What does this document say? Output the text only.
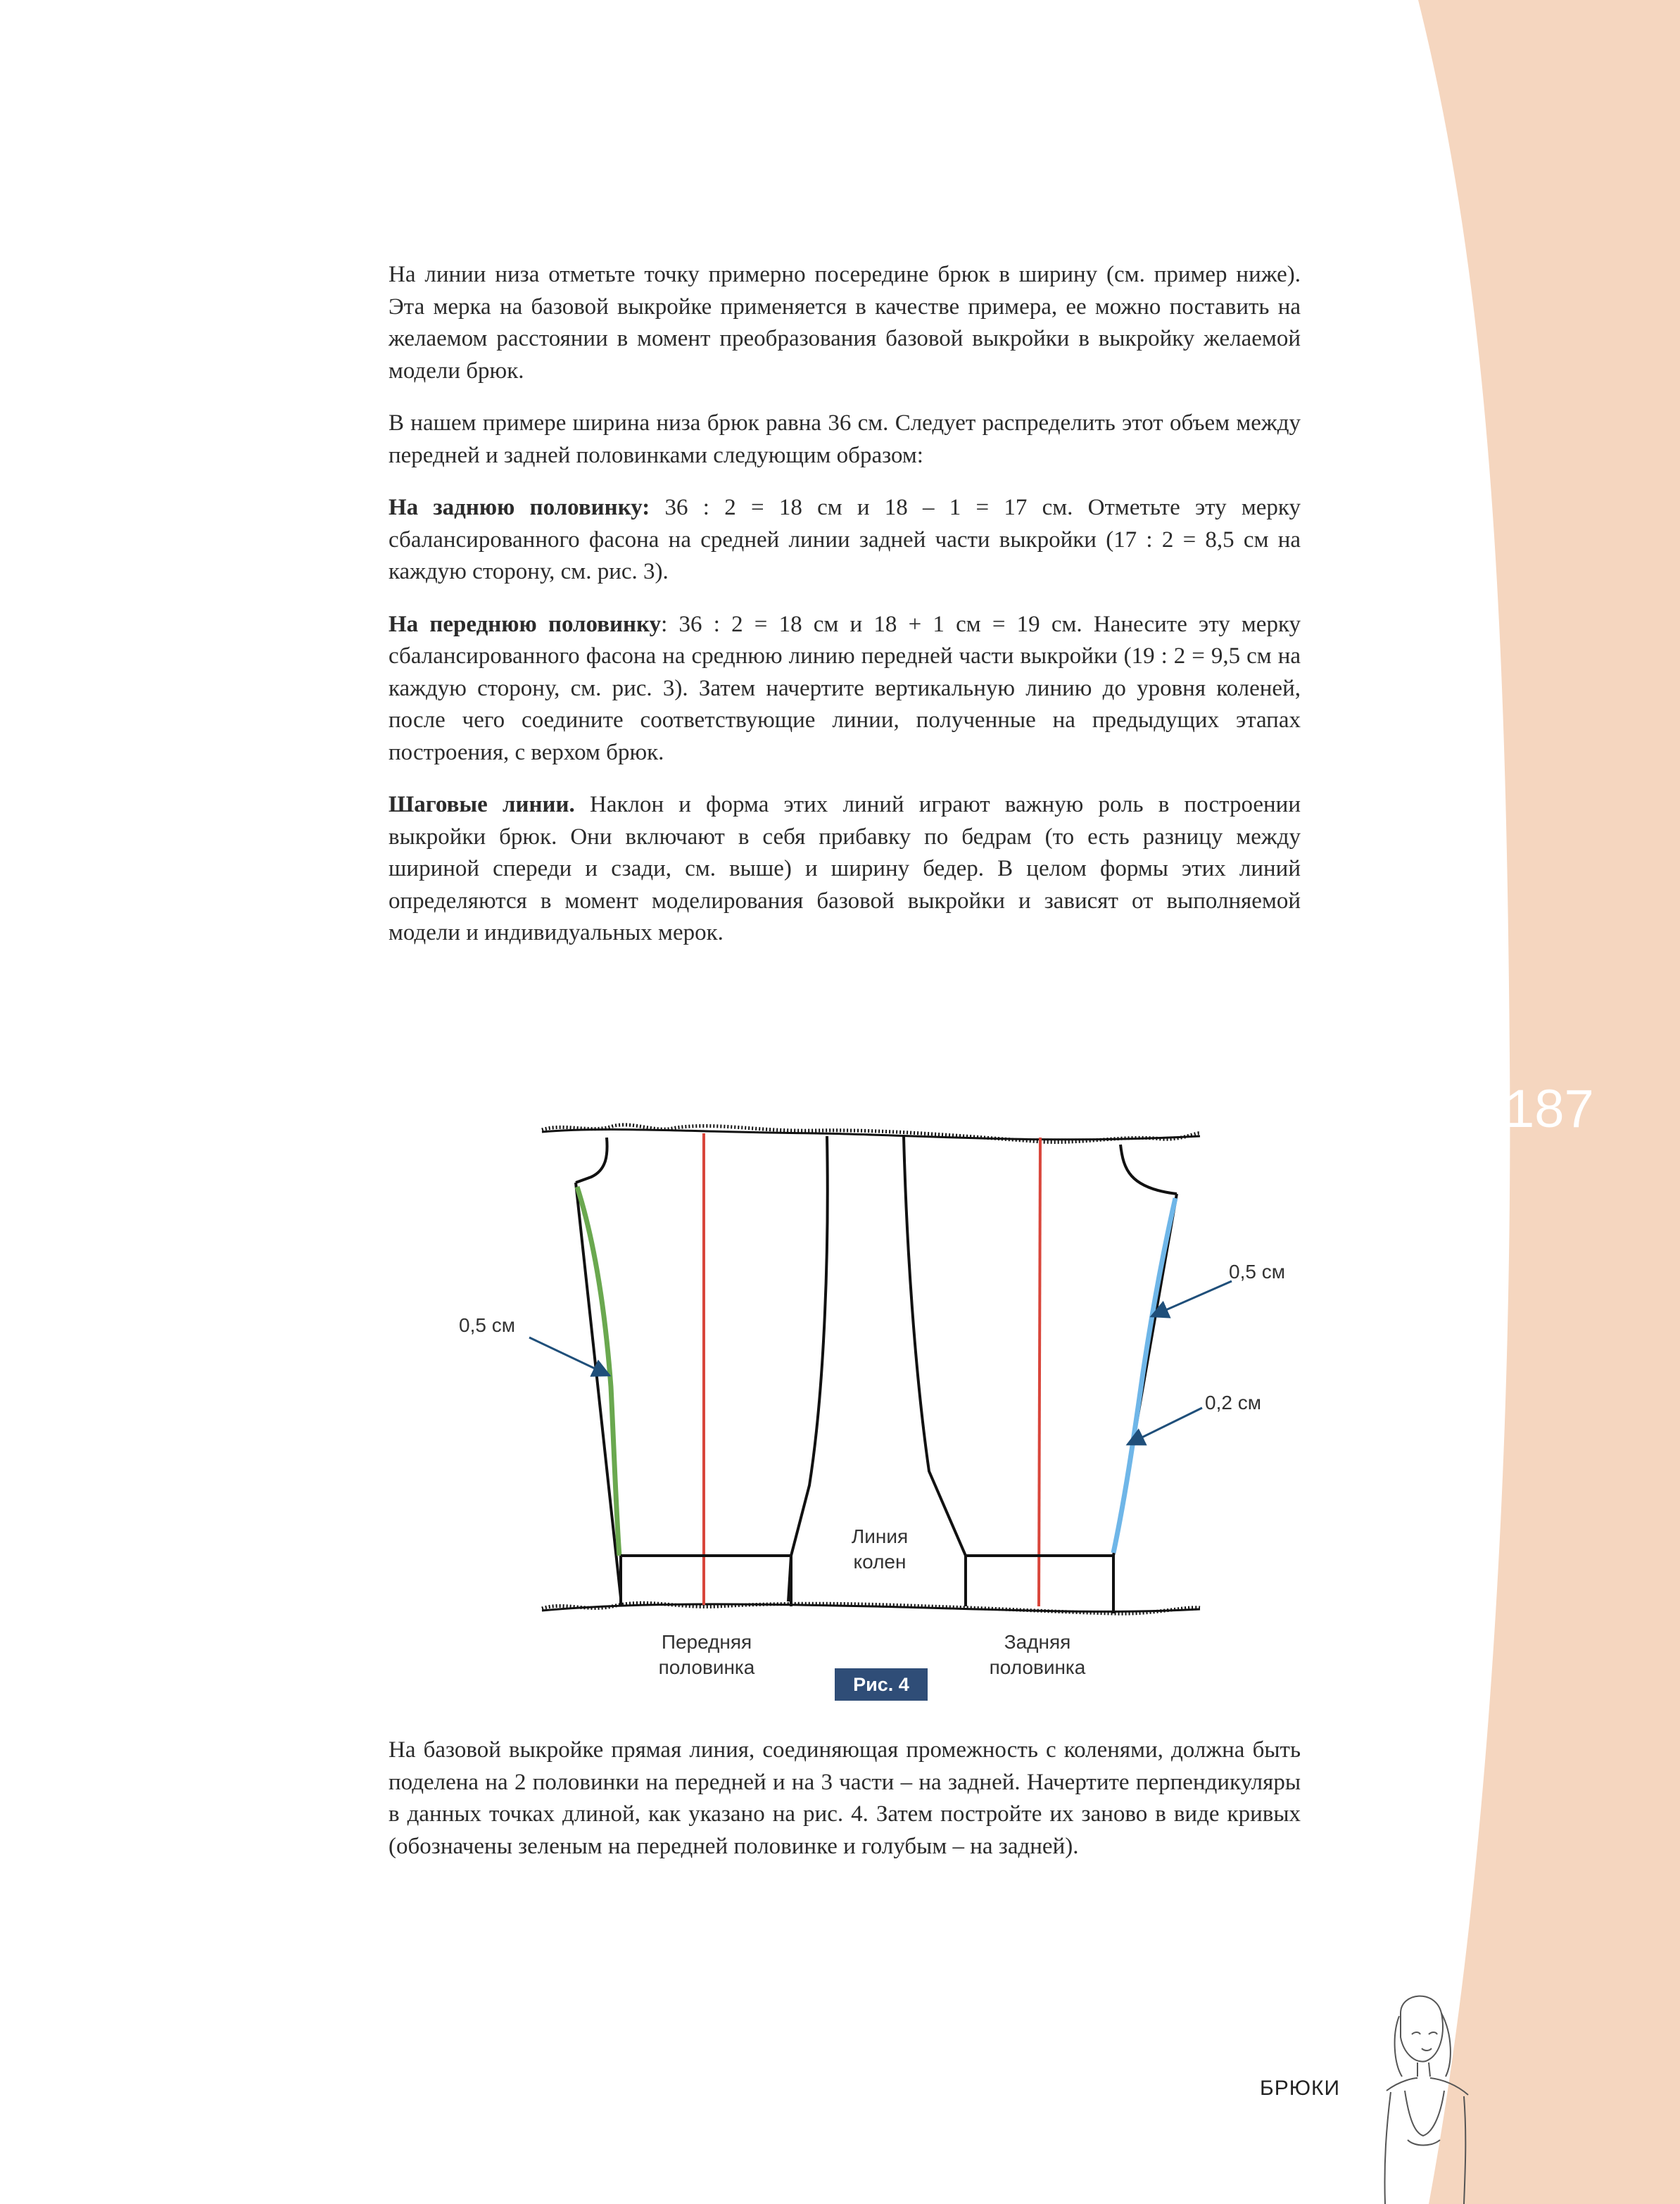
187

На линии низа отметьте точку примерно посередине брюк в ширину (см. пример ниже). Эта мерка на базовой выкройке применяется в качестве примера, ее можно поставить на желаемом расстоянии в момент преобразования базовой выкройки в выкройку желаемой модели брюк.

В нашем примере ширина низа брюк равна 36 см. Следует распределить этот объем между передней и задней половинками следующим образом:

На заднюю половинку: 36 : 2 = 18 см и 18 – 1 = 17 см. Отметьте эту мерку сбалансированного фасона на средней линии задней части выкройки (17 : 2 = 8,5 см на каждую сторону, см. рис. 3).

На переднюю половинку: 36 : 2 = 18 см и 18 + 1 см = 19 см. Нанесите эту мерку сбалансированного фасона на среднюю линию передней части выкройки (19 : 2 = 9,5 см на каждую сторону, см. рис. 3). Затем начертите вертикальную линию до уровня коленей, после чего соедините соответствующие линии, полученные на предыдущих этапах построения, с верхом брюк.

Шаговые линии. Наклон и форма этих линий играют важную роль в построении выкройки брюк. Они включают в себя прибавку по бедрам (то есть разницу между шириной спереди и сзади, см. выше) и ширину бедер. В целом формы этих линий определяются в момент моделирования базовой выкройки и зависят от выполняемой модели и индивидуальных мерок.

0,5 см
0,5 см
0,2 см
Линия
колен
Передняя
половинка
Задняя
половинка
Рис. 4

На базовой выкройке прямая линия, соединяющая промежность с коленями, должна быть поделена на 2 половинки на передней и на 3 части – на задней. Начертите перпендикуляры в данных точках длиной, как указано на рис. 4. Затем постройте их заново в виде кривых (обозначены зеленым на передней половинке и голубым – на задней).

БРЮКИ
